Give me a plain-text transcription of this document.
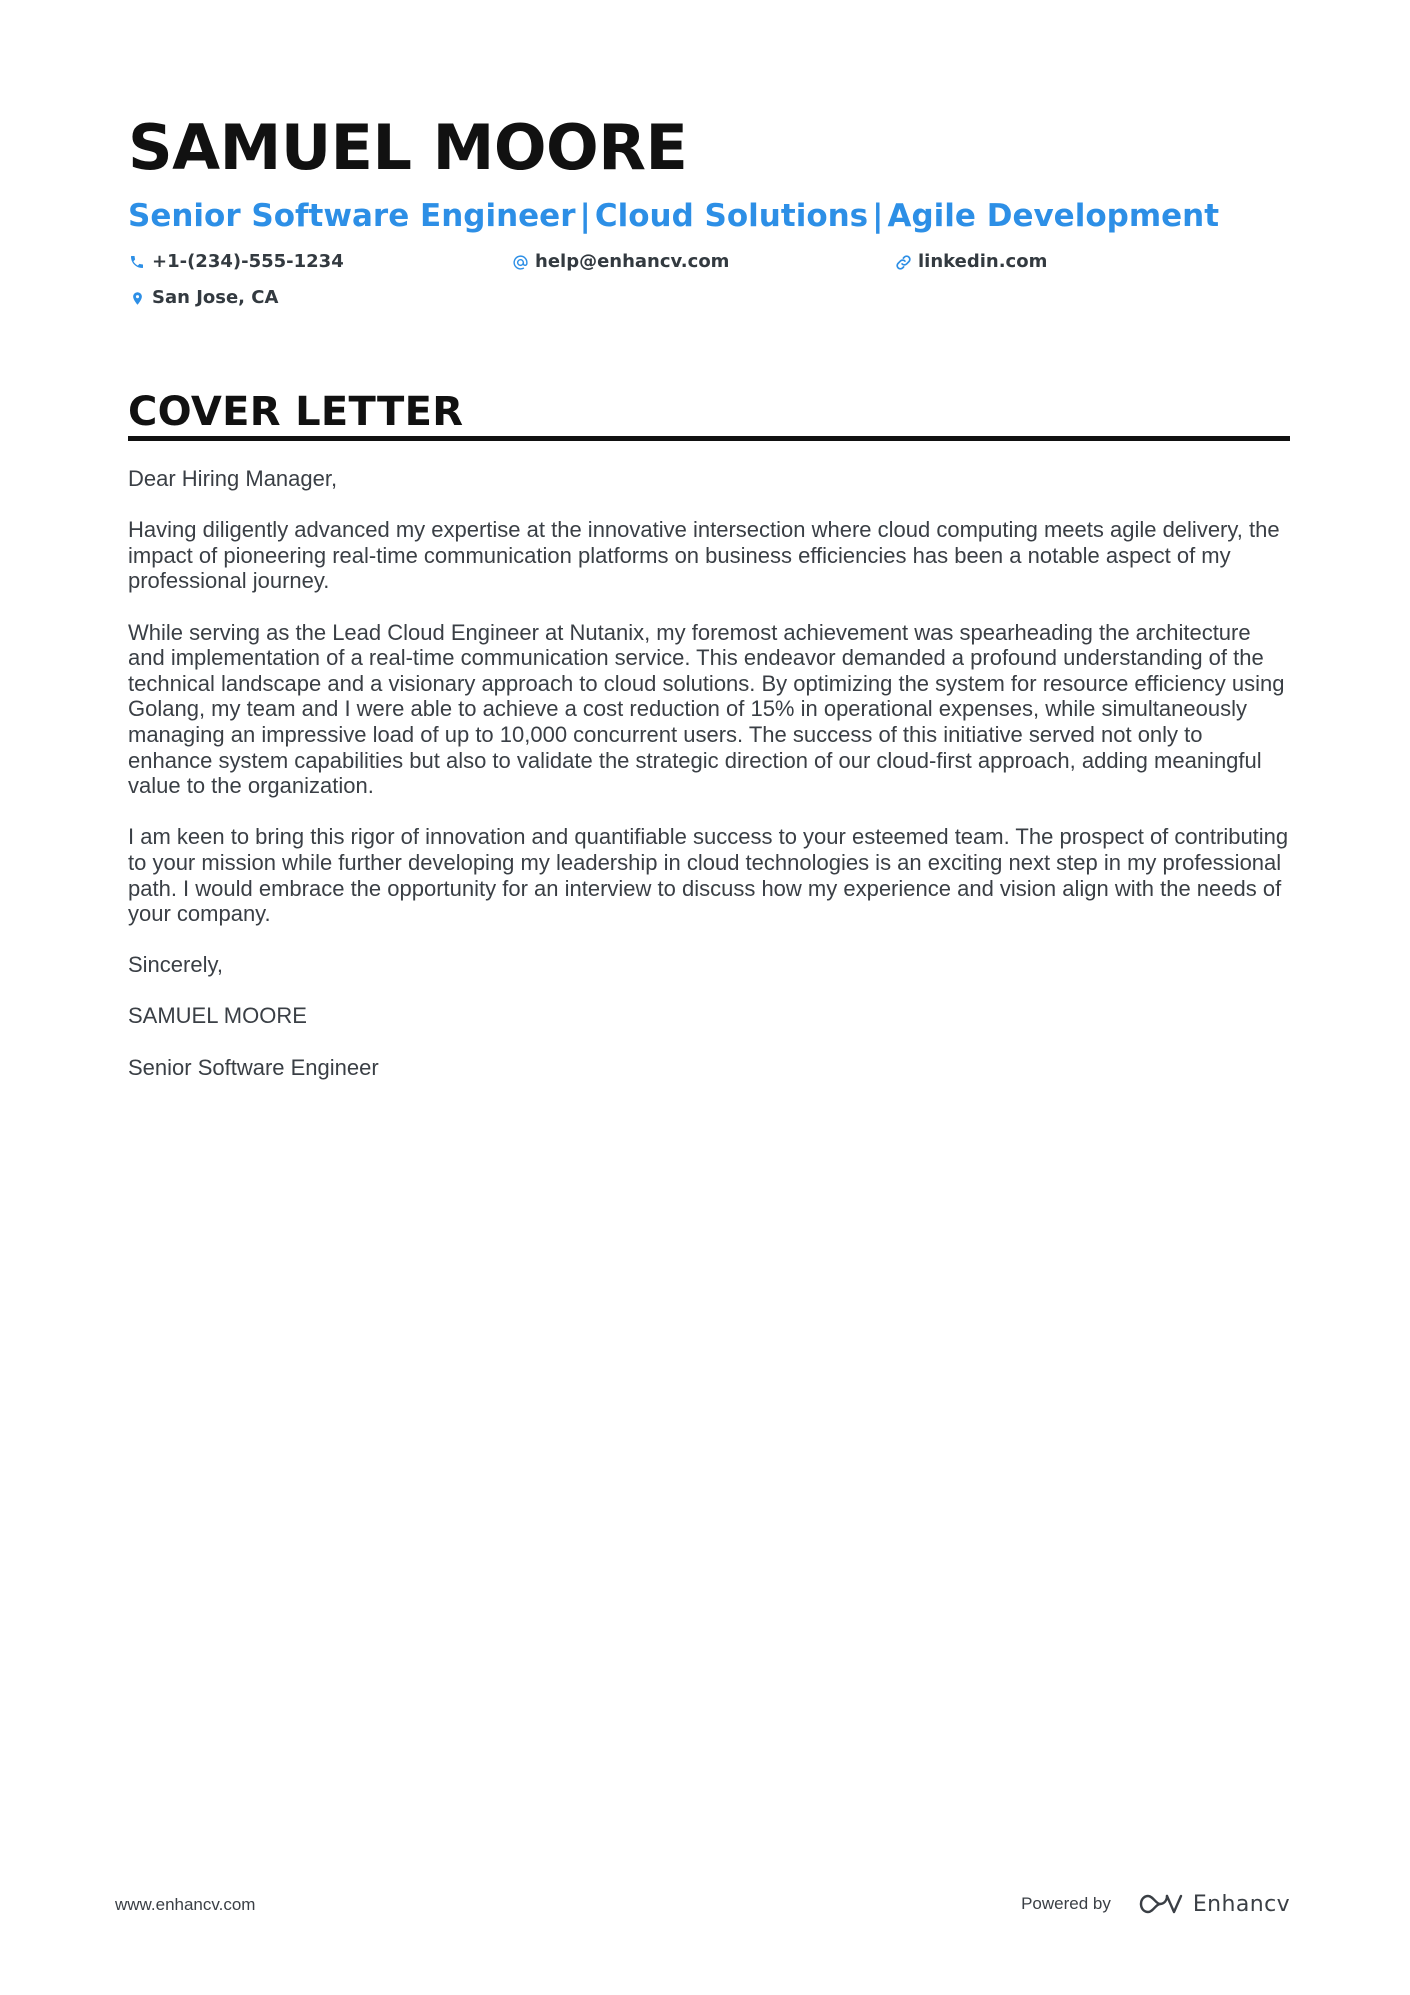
SAMUEL MOORE
Senior Software Engineer | Cloud Solutions | Agile Development
+1-(234)-555-1234	help@enhancv.com	linkedin.com
San Jose, CA
COVER LETTER

Dear Hiring Manager,

Having diligently advanced my expertise at the innovative intersection where cloud computing meets agile delivery, the impact of pioneering real-time communication platforms on business efficiencies has been a notable aspect of my professional journey.

While serving as the Lead Cloud Engineer at Nutanix, my foremost achievement was spearheading the architecture and implementation of a real-time communication service. This endeavor demanded a profound understanding of the technical landscape and a visionary approach to cloud solutions. By optimizing the system for resource efficiency using Golang, my team and I were able to achieve a cost reduction of 15% in operational expenses, while simultaneously managing an impressive load of up to 10,000 concurrent users. The success of this initiative served not only to enhance system capabilities but also to validate the strategic direction of our cloud-first approach, adding meaningful value to the organization.

I am keen to bring this rigor of innovation and quantifiable success to your esteemed team. The prospect of contributing to your mission while further developing my leadership in cloud technologies is an exciting next step in my professional path. I would embrace the opportunity for an interview to discuss how my experience and vision align with the needs of your company.

Sincerely,

SAMUEL MOORE

Senior Software Engineer

www.enhancv.com	Powered by	Enhancv
